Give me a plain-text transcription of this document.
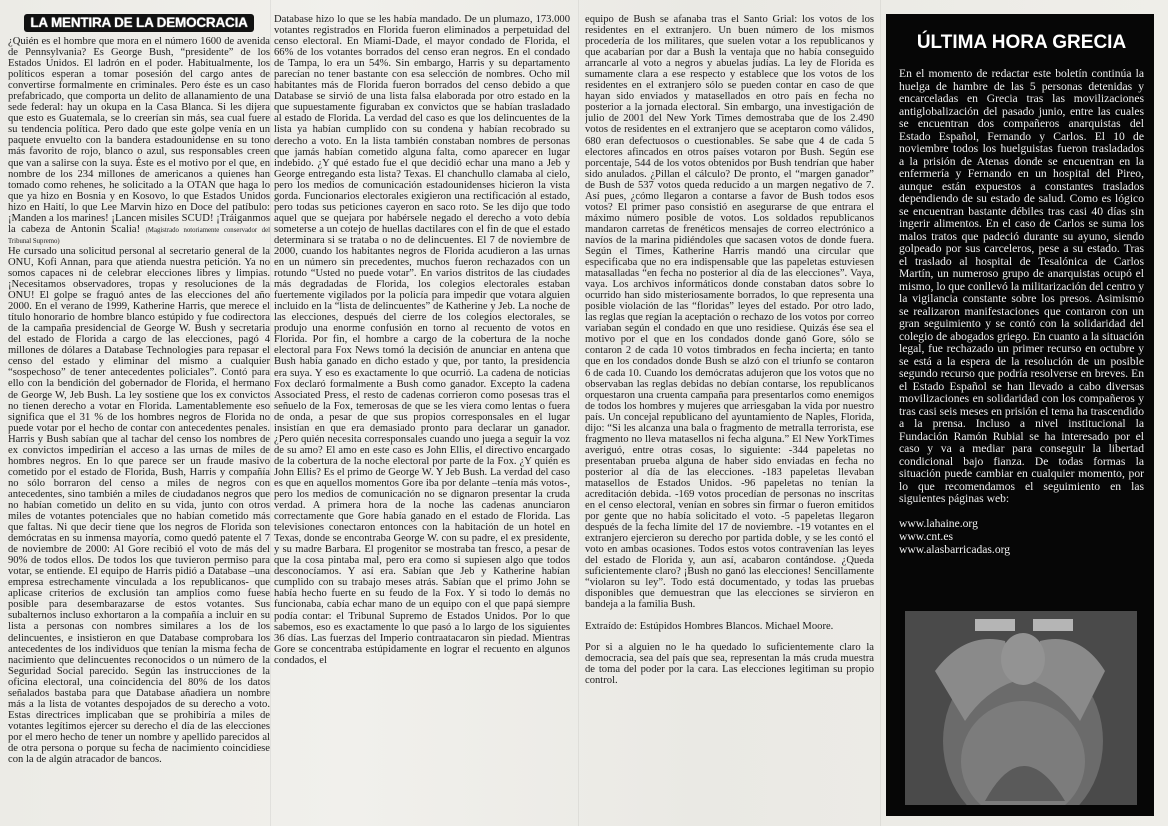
LA MENTIRA DE LA DEMOCRACIA

¿Quién es el hombre que mora en el número 1600 de avenida de Pennsylvania? Es George Bush, “presidente” de los Estados Unidos. El ladrón en el poder. Habitualmente, los políticos esperan a tomar posesión del cargo antes de convertirse formalmente en criminales. Pero éste es un caso prefabricado, que comporta un delito de allanamiento de una sede federal: hay un okupa en la Casa Blanca. Si les dijera que esto es Guatemala, se lo creerían sin más, sea cual fuere su tendencia política. Pero dado que este golpe venía en un paquete envuelto con la bandera estadounidense en su tono más favorito de rojo, blanco o azul, sus responsables creen que van a salirse con la suya. Éste es el motivo por el que, en nombre de los 234 millones de americanos a quienes han tomado como rehenes, he solicitado a la OTAN que haga lo que ya hizo en Bosnia y en Kosovo, lo que Estados Unidos hizo en Haití, lo que Lee Marvin hizo en Doce del patíbulo: ¡Manden a los marines! ¡Lancen misiles SCUD! ¡Tráiganmos la cabeza de Antonin Scalia! (Magistrado notoriamente conservador del Tribunal Supremo)

He cursado una solicitud personal al secretario general de la ONU, Kofi Annan, para que atienda nuestra petición. Ya no somos capaces ni de celebrar elecciones libres y limpias. ¡Necesitamos observadores, tropas y resoluciones de la ONU! El golpe se fraguó antes de las elecciones del año 2000. En el verano de 1999, Katherine Harris, que merece el título honorario de hombre blanco estúpido y fue codirectora de la campaña presidencial de George W. Bush y secretaria del estado de Florida a cargo de las elecciones, pagó 4 millones de dólares a Database Technologies para repasar el censo del estado y eliminar del mismo a cualquier “sospechoso” de tener antecedentes policiales”. Contó para ello con la bendición del gobernador de Florida, el hermano de George W, Jeb Bush. La ley sostiene que los ex convictos no tienen derecho a votar en Florida. Lamentablemente eso significa que el 31 % de los hombres negros de Florida no puede votar por el hecho de contar con antecedentes penales. Harris y Bush sabían que al tachar del censo los nombres de ex convictos impedirían el acceso a las urnas de miles de hombres negros. En lo que parece ser un fraude masivo cometido por el estado de Florida, Bush, Harris y compañía no sólo borraron del censo a miles de negros con antecedentes, sino también a miles de ciudadanos negros que no habían cometido un delito en su vida, junto con otros miles de votantes potenciales que no habían cometido más que faltas. Ni que decir tiene que los negros de Florida son demócratas en su inmensa mayoría, como quedó patente el 7 de noviembre de 2000: Al Gore recibió el voto de más del 90% de todos ellos. De todos los que tuvieron permiso para votar, se entiende. El equipo de Harris pidió a Database –una empresa estrechamente vinculada a los republicanos- que aplicase criterios de exclusión tan amplios como fuese posible para desembarazarse de estos votantes. Sus subalternos incluso exhortaron a la compañía a incluir en su lista a personas con nombres similares a los de los delincuentes, e insistieron en que Database comprobara los antecedentes de los individuos que tenían la misma fecha de nacimiento que delincuentes reconocidos o un número de la Seguridad Social parecido. Según las instrucciones de la oficina electoral, una coincidencia del 80% de los datos señalados bastaba para que Database añadiera un nombre más a la lista de votantes despojados de su derecho a voto. Estas directrices implicaban que se prohibiría a miles de votantes legítimos ejercer su derecho el día de las elecciones por el mero hecho de tener un nombre y apellido parecidos al de otra persona o porque su fecha de nacimiento coincidiese con la de algún atracador de bancos.

Database hizo lo que se les había mandado. De un plumazo, 173.000 votantes registrados en Florida fueron eliminados a perpetuidad del censo electoral. En Miami-Dade, el mayor condado de Florida, el 66% de los votantes borrados del censo eran negros. En el condado de Tampa, lo era un 54%. Sin embargo, Harris y su departamento parecían no tener bastante con esa selección de nombres. Ocho mil habitantes más de Florida fueron borrados del censo debido a que Database se sirvió de una lista falsa elaborada por otro estado en la que supuestamente figuraban ex convictos que se habían trasladado al estado de Florida. La verdad del caso es que los delincuentes de la lista ya habían cumplido con su condena y habían recobrado su derecho a voto. En la lista también constaban nombres de personas que jamás habían cometido alguna falta, como aparecer en lugar indebido. ¿Y qué estado fue el que decidió echar una mano a Jeb y George entregando esta lista? Texas. El chanchullo clamaba al cielo, pero los medios de comunicación estadounidenses hicieron la vista gorda. Funcionarios electorales exigieron una rectificación al estado, pero todas sus peticiones cayeron en saco roto. Se les dijo que todo aquel que se quejara por habérsele negado el derecho a voto debía someterse a un cotejo de huellas dactilares con el fin de que el estado determinara si se trataba o no de delincuentes. El 7 de noviembre de 2000, cuando los habitantes negros de Florida acudieron a las urnas en un número sin precedentes, muchos fueron rechazados con un rotundo “Usted no puede votar”. En varios distritos de las ciudades más degradadas de Florida, los colegios electorales estaban fuertemente vigilados por la policía para impedir que votara alguien incluido en la “lista de delincuentes” de Katherine y Jeb. La noche de las elecciones, después del cierre de los colegios electorales, se produjo una enorme confusión en torno al recuento de votos en Florida. Por fin, el hombre a cargo de la cobertura de la noche electoral para Fox News tomó la decisión de anunciar en antena que Bush había ganado en dicho estado y que, por tanto, la presidencia era suya. Y eso es exactamente lo que ocurrió. La cadena de noticias Fox declaró formalmente a Bush como ganador. Excepto la cadena Associated Press, el resto de cadenas corrieron como posesas tras el señuelo de la Fox, temerosas de que se les viera como lentas o fuera de onda, a pesar de que sus propios corresponsales en el lugar insistían en que era demasiado pronto para declarar un ganador. ¿Pero quién necesita corresponsales cuando uno juega a seguir la voz de su amo? El amo en este caso es John Ellis, el directivo encargado de la cobertura de la noche electoral por parte de la Fox. ¿Y quién es John Ellis? Es el primo de George W. Y Jeb Bush. La verdad del caso es que en aquellos momentos Gore iba por delante –tenía más votos-, pero los medios de comunicación no se dignaron presentar la cruda verdad. A primera hora de la noche las cadenas anunciaron correctamente que Gore había ganado en el estado de Florida. Las televisiones conectaron entonces con la habitación de un hotel en Texas, donde se encontraba George W. con su padre, el ex presidente, y su madre Barbara. El progenitor se mostraba tan fresco, a pesar de que la cosa pintaba mal, pero era como si supiesen algo que todos desconocíamos. Y así era. Sabían que Jeb y Katherine habían cumplido con su trabajo meses atrás. Sabían que el primo John se había hecho fuerte en su feudo de la Fox. Y si todo lo demás no funcionaba, cabía echar mano de un equipo con el que papá siempre podía contar: el Tribunal Supremo de Estados Unidos. Por lo que sabemos, eso es exactamente lo que pasó a lo largo de los siguientes 36 días. Las fuerzas del Imperio contraatacaron sin piedad. Mientras Gore se concentraba estúpidamente en lograr el recuento en algunos condados, el

equipo de Bush se afanaba tras el Santo Grial: los votos de los residentes en el extranjero. Un buen número de los mismos procedería de los militares, que suelen votar a los republicanos y que acabarían por dar a Bush la ventaja que no había conseguido arrancarle al voto a negros y abuelas judías. La ley de Florida es sumamente clara a ese respecto y establece que los votos de los residentes en el extranjero sólo se pueden contar en caso de que hayan sido enviados y matasellados en otro país en fecha no posterior a la jornada electoral. Sin embargo, una investigación de julio de 2001 del New York Times demostraba que de los 2.490 votos de residentes en el extranjero que se aceptaron como válidos, 680 eran defectuosos o cuestionables. Se sabe que 4 de cada 5 electores afincados en otros países votaron por Bush. Según ese porcentaje, 544 de los votos obtenidos por Bush tendrían que haber sido anulados. ¿Pillan el cálculo? De pronto, el “margen ganador” de Bush de 537 votos queda reducido a un margen negativo de 7. Así pues, ¿cómo llegaron a contarse a favor de Bush todos esos votos? El primer paso consistió en asegurarse de que entrara el máximo número posible de votos. Los soldados republicanos mandaron carretas de frenéticos mensajes de correo electrónico a navíos de la marina pidiéndoles que sacasen votos de donde fuera. Según el Times, Katherine Harris mandó una circular que especificaba que no era indispensable que las papeletas estuviesen matasalladas “en fecha no posterior al día de las elecciones”. Vaya, vaya. Los archivos informáticos donde constaban datos sobre lo ocurrido han sido misteriosamente borrados, lo que representa una posible violación de las “floridas” leyes del estado. Por otro lado, las reglas que regían la aceptación o rechazo de los votos por correo variaban según el condado en que uno residiese. Quizás ése sea el motivo por el que en los condados donde ganó Gore, sólo se contaron 2 de cada 10 votos timbrados en fecha incierta; en tanto que en los condados donde Bush se alzó con el triunfo se contaron 6 de cada 10. Cuando los demócratas adujeron que los votos que no observaban las reglas debidas no debían contarse, los republicanos orquestaron una cruenta campaña para presentarlos como enemigos de todos los hombres y mujeres que arriesgaban la vida por nuestro país. Un concejal republicano del ayuntamiento de Naples, Florida, dijo: “Si les alcanza una bala o fragmento de metralla terrorista, ese fragmento no lleva matasellos ni fecha alguna.” El New YorkTimes averiguó, entre otras cosas, lo siguiente: -344 papeletas no presentaban prueba alguna de haber sido enviadas en fecha no posterior al día de las elecciones. -183 papeletas llevaban matasellos de Estados Unidos. -96 papeletas no tenían la acreditación debida. -169 votos procedían de personas no inscritas en el censo electoral, venían en sobres sin firmar o fueron emitidos por gente que no había solicitado el voto. -5 papeletas llegaron después de la fecha límite del 17 de noviembre. -19 votantes en el extranjero ejercieron su derecho por partida doble, y se les contó el voto en ambas ocasiones. Todos estos votos contravenían las leyes del estado de Florida y, aun así, acabaron contándose. ¿Queda suficientemente claro? ¡Bush no ganó las elecciones! Sencillamente “violaron su ley”. Todo está documentado, y todas las pruebas disponibles que demuestran que las elecciones se sirvieron en bandeja a la familia Bush.

Extraído de: Estúpidos Hombres Blancos. Michael Moore.

Por si a alguien no le ha quedado lo suficientemente claro la democracia, sea del país que sea, representan la más cruda muestra de toma del poder por la cara. Las elecciones legitiman su propio control.

ÚLTIMA HORA GRECIA
En el momento de redactar este boletín continúa la huelga de hambre de las 5 personas detenidas y encarceladas en Grecia tras las movilizaciones antiglobalización del pasado junio, entre las cuales se encuentran dos compañeros anarquistas del Estado Español, Fernando y Carlos. El 10 de noviembre todos los huelguistas fueron trasladados a la prisión de Atenas donde se encuentran en la enfermería y Fernando en un hospital del Pireo, aunque están expuestos a constantes traslados dependiendo de su estado de salud. Como es lógico se encuentran bastante débiles tras casi 40 días sin ingerir alimentos. En el caso de Carlos se suma los malos tratos que padeció durante su ayuno, siendo golpeado por sus carceleros, pese a su estado. Tras el traslado al hospital de Tesalónica de Carlos Martín, un numeroso grupo de anarquistas ocupó el mismo, lo que conllevó la militarización del centro y la vigilancia constante sobre los presos. Asimismo se realizaron manifestaciones que contaron con un gran seguimiento y se contó con la solidaridad del colegio de abogados griego. En cuanto a la situación legal, fue rechazado un primer recurso en octubre y se está a la espera de la resolución de un posible segundo recurso que podría resolverse en breves. En el Estado Español se han llevado a cabo diversas movilizaciones en solidaridad con los compañeros y tras casi seis meses en prisión el tema ha trascendido a la prensa. Incluso a nivel institucional la Fundación Ramón Rubial se ha interesado por el caso y va a mediar para conseguir la libertad condicional bajo fianza. De todas formas la situación puede cambiar en cualquier momento, por lo que recomendamos el seguimiento en las siguientes páginas web:
www.lahaine.org
www.cnt.es
www.alasbarricadas.org
